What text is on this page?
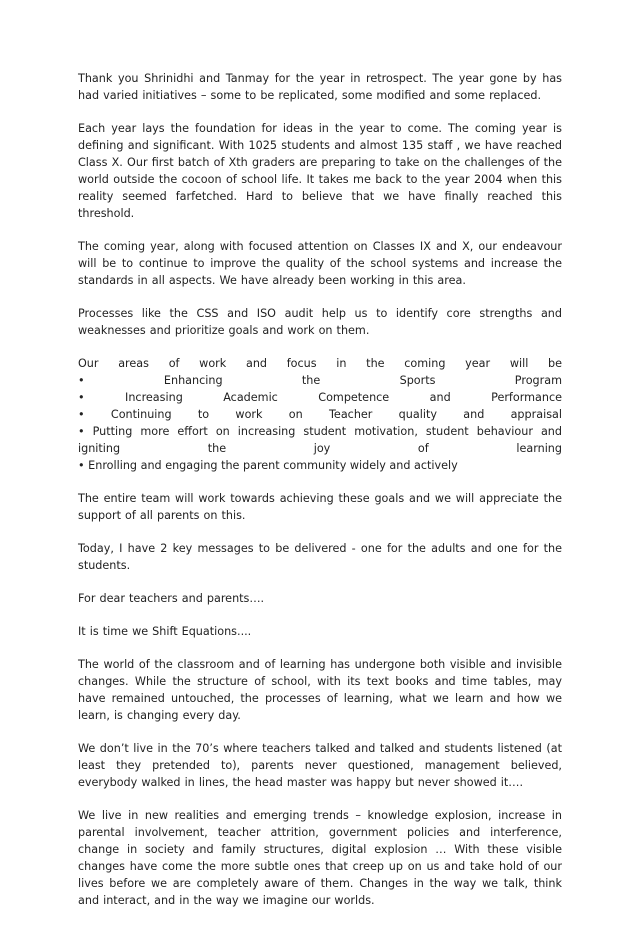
Thank you Shrinidhi and Tanmay for the year in retrospect. The year gone by has had varied initiatives – some to be replicated, some modified and some replaced.

Each year lays the foundation for ideas in the year to come. The coming year is defining and significant. With 1025 students and almost 135 staff , we have reached Class X. Our first batch of Xth graders are preparing to take on the challenges of the world outside the cocoon of school life. It takes me back to the year 2004 when this reality seemed farfetched. Hard to believe that we have finally reached this threshold.

The coming year, along with focused attention on Classes IX and X, our endeavour will be to continue to improve the quality of the school systems and increase the standards in all aspects. We have already been working in this area.

Processes like the CSS and ISO audit help us to identify core strengths and weaknesses and prioritize goals and work on them.

Our areas of work and focus in the coming year will be
• Enhancing the Sports Program
• Increasing Academic Competence and Performance
• Continuing to work on Teacher quality and appraisal
• Putting more effort on increasing student motivation, student behaviour and igniting the joy of learning
• Enrolling and engaging the parent community widely and actively

The entire team will work towards achieving these goals and we will appreciate the support of all parents on this.

Today, I have 2 key messages to be delivered - one for the adults and one for the students.

For dear teachers and parents….

It is time we Shift Equations....

The world of the classroom and of learning has undergone both visible and invisible changes. While the structure of school, with its text books and time tables, may have remained untouched, the processes of learning, what we learn and how we learn, is changing every day.

We don’t live in the 70’s where teachers talked and talked and students listened (at least they pretended to), parents never questioned, management believed, everybody walked in lines, the head master was happy but never showed it….

We live in new realities and emerging trends – knowledge explosion, increase in parental involvement, teacher attrition, government policies and interference, change in society and family structures, digital explosion … With these visible changes have come the more subtle ones that creep up on us and take hold of our lives before we are completely aware of them. Changes in the way we talk, think and interact, and in the way we imagine our worlds.
